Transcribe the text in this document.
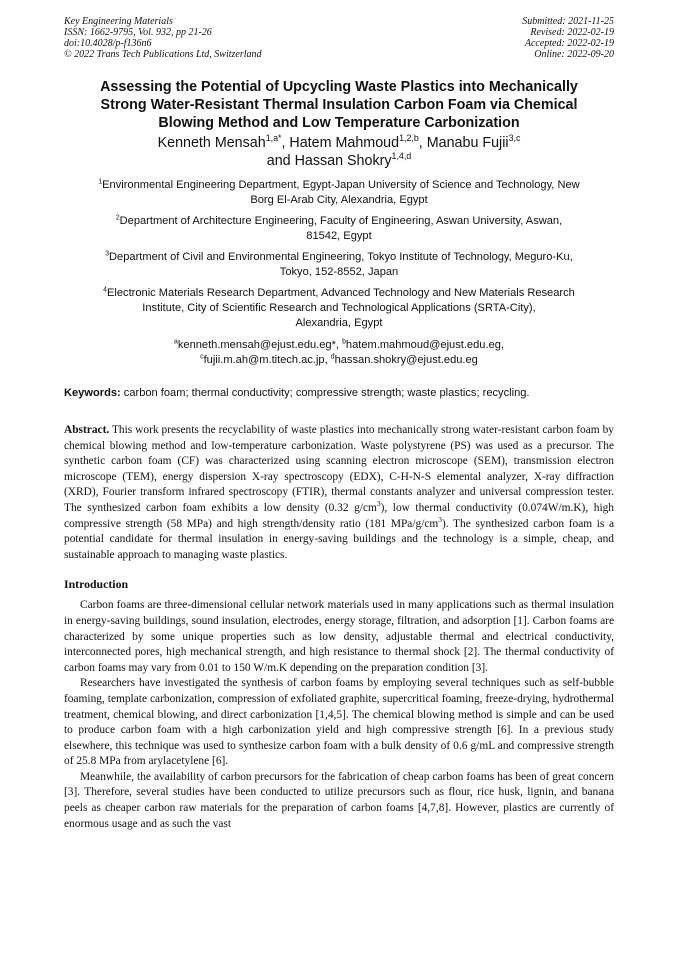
Key Engineering Materials
ISSN: 1662-9795, Vol. 932, pp 21-26
doi:10.4028/p-f136n6
© 2022 Trans Tech Publications Ltd, Switzerland
Submitted: 2021-11-25
Revised: 2022-02-19
Accepted: 2022-02-19
Online: 2022-09-20
Assessing the Potential of Upcycling Waste Plastics into Mechanically
Strong Water-Resistant Thermal Insulation Carbon Foam via Chemical
Blowing Method and Low Temperature Carbonization
Kenneth Mensah$^{1,a*}$, Hatem Mahmoud$^{1,2,b}$, Manabu Fujii$^{3,c}$
and Hassan Shokry$^{1,4,d}$
$^1$Environmental Engineering Department, Egypt-Japan University of Science and Technology, New
Borg El-Arab City, Alexandria, Egypt
$^2$Department of Architecture Engineering, Faculty of Engineering, Aswan University, Aswan,
81542, Egypt
$^3$Department of Civil and Environmental Engineering, Tokyo Institute of Technology, Meguro-Ku,
Tokyo, 152-8552, Japan
$^4$Electronic Materials Research Department, Advanced Technology and New Materials Research
Institute, City of Scientific Research and Technological Applications (SRTA-City),
Alexandria, Egypt
$^a$kenneth.mensah@ejust.edu.eg*, $^b$hatem.mahmoud@ejust.edu.eg,
$^c$fujii.m.ah@m.titech.ac.jp, $^d$hassan.shokry@ejust.edu.eg
Keywords: carbon foam; thermal conductivity; compressive strength; waste plastics; recycling.
Abstract. This work presents the recyclability of waste plastics into mechanically strong water-resistant carbon foam by chemical blowing method and low-temperature carbonization. Waste polystyrene (PS) was used as a precursor. The synthetic carbon foam (CF) was characterized using scanning electron microscope (SEM), transmission electron microscope (TEM), energy dispersion X-ray spectroscopy (EDX), C-H-N-S elemental analyzer, X-ray diffraction (XRD), Fourier transform infrared spectroscopy (FTIR), thermal constants analyzer and universal compression tester. The synthesized carbon foam exhibits a low density (0.32 $g/cm^3$), low thermal conductivity (0.074W/m.K), high compressive strength (58 MPa) and high strength/density ratio (181 MPa/$g/cm^3$). The synthesized carbon foam is a potential candidate for thermal insulation in energy-saving buildings and the technology is a simple, cheap, and sustainable approach to managing waste plastics.
Introduction

Carbon foams are three-dimensional cellular network materials used in many applications such as thermal insulation in energy-saving buildings, sound insulation, electrodes, energy storage, filtration, and adsorption [1]. Carbon foams are characterized by some unique properties such as low density, adjustable thermal and electrical conductivity, interconnected pores, high mechanical strength, and high resistance to thermal shock [2]. The thermal conductivity of carbon foams may vary from 0.01 to 150 W/m.K depending on the preparation condition [3].

Researchers have investigated the synthesis of carbon foams by employing several techniques such as self-bubble foaming, template carbonization, compression of exfoliated graphite, supercritical foaming, freeze-drying, hydrothermal treatment, chemical blowing, and direct carbonization [1,4,5]. The chemical blowing method is simple and can be used to produce carbon foam with a high carbonization yield and high compressive strength [6]. In a previous study elsewhere, this technique was used to synthesize carbon foam with a bulk density of 0.6 g/mL and compressive strength of 25.8 MPa from arylacetylene [6].

Meanwhile, the availability of carbon precursors for the fabrication of cheap carbon foams has been of great concern [3]. Therefore, several studies have been conducted to utilize precursors such as flour, rice husk, lignin, and banana peels as cheaper carbon raw materials for the preparation of carbon foams [4,7,8]. However, plastics are currently of enormous usage and as such the vast
